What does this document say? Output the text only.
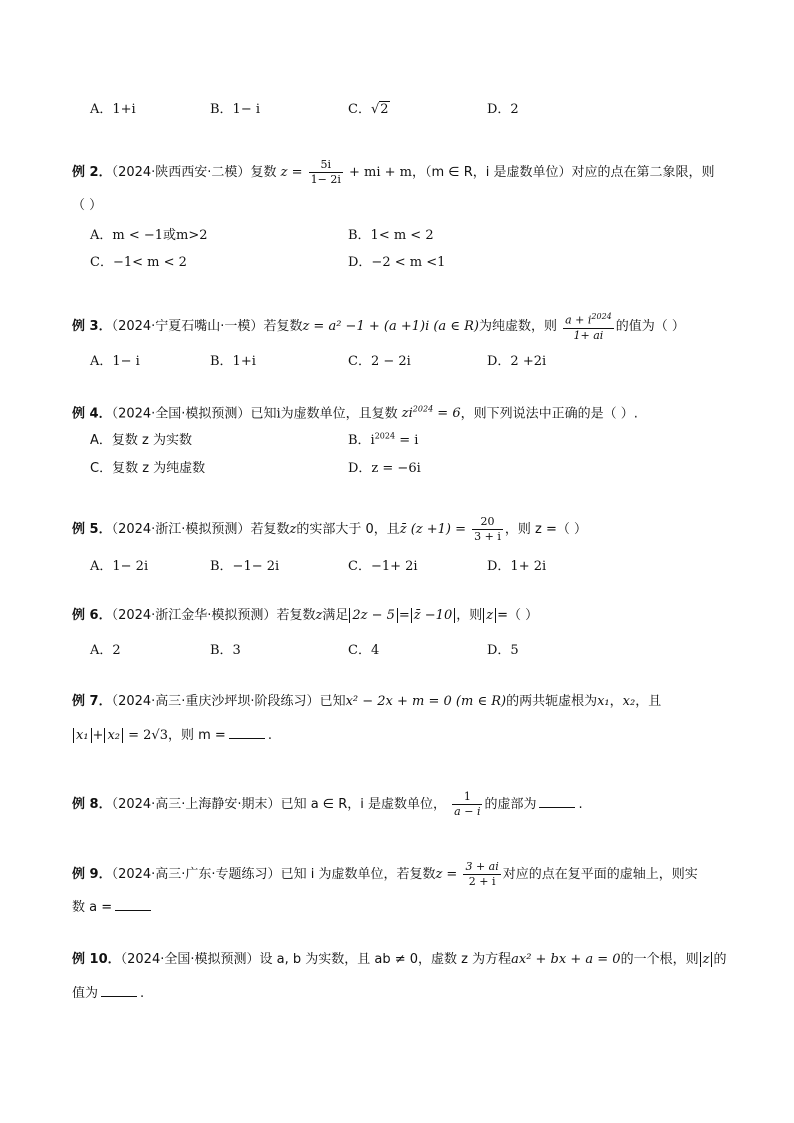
A．1+i	B．1− i	C．√2	D．2
例 2．（2024·陕西西安·二模）复数 $z = \frac{5i}{1- 2i}$ + mi + m，（m ∈ R，i 是虚数单位）对应的点在第二象限，则
（ ）
A．m < −1或m>2	B．1< m < 2
C．−1< m < 2	D．−2 < m <1
例 3．（2024·宁夏石嘴山·一模）若复数z = a² −1 + (a +1)i (a ∈ R)为纯虚数，则 $\frac{a + i^{2024}}{1+ ai}$ 的值为（ ）
A．1− i	B．1+i	C．2 − 2i	D．2 +2i
例 4．（2024·全国·模拟预测）已知i为虚数单位，且复数 $zi^{2024} = 6$，则下列说法中正确的是（ ）.
A．复数 z 为实数	B．$i^{2024} = i$
C．复数 z 为纯虚数	D．z = −6i
例 5．（2024·浙江·模拟预测）若复数z的实部大于 0，且z̄ $(z +1) = \frac{20}{3 + i}$ ，则 z =（ ）
A．1− 2i	B．−1− 2i	C．−1+ 2i	D．1+ 2i
例 6．（2024·浙江金华·模拟预测）若复数z满足 2z − 5 = z̄ −10 ，则 z =（ ）
A．2	B．3	C．4	D．5
例 7．（2024·高三·重庆沙坪坝·阶段练习）已知x² − 2x + m = 0 (m ∈ R)的两共轭虚根为x₁，x₂，且
x₁ + x₂ = 2√3，则 m =	.
例 8．（2024·高三·上海静安·期末）已知 a ∈ R，i 是虚数单位， $\frac{1}{a - i}$ 的虚部为	.
例 9．（2024·高三·广东·专题练习）已知 i 为虚数单位，若复数$z = \frac{3 + ai}{2 + i}$ 对应的点在复平面的虚轴上，则实
数 a =
例 10．（2024·全国·模拟预测）设 a, b 为实数，且 ab ≠ 0，虚数 z 为方程ax² + bx + a = 0的一个根，则 z 的
值为	.
